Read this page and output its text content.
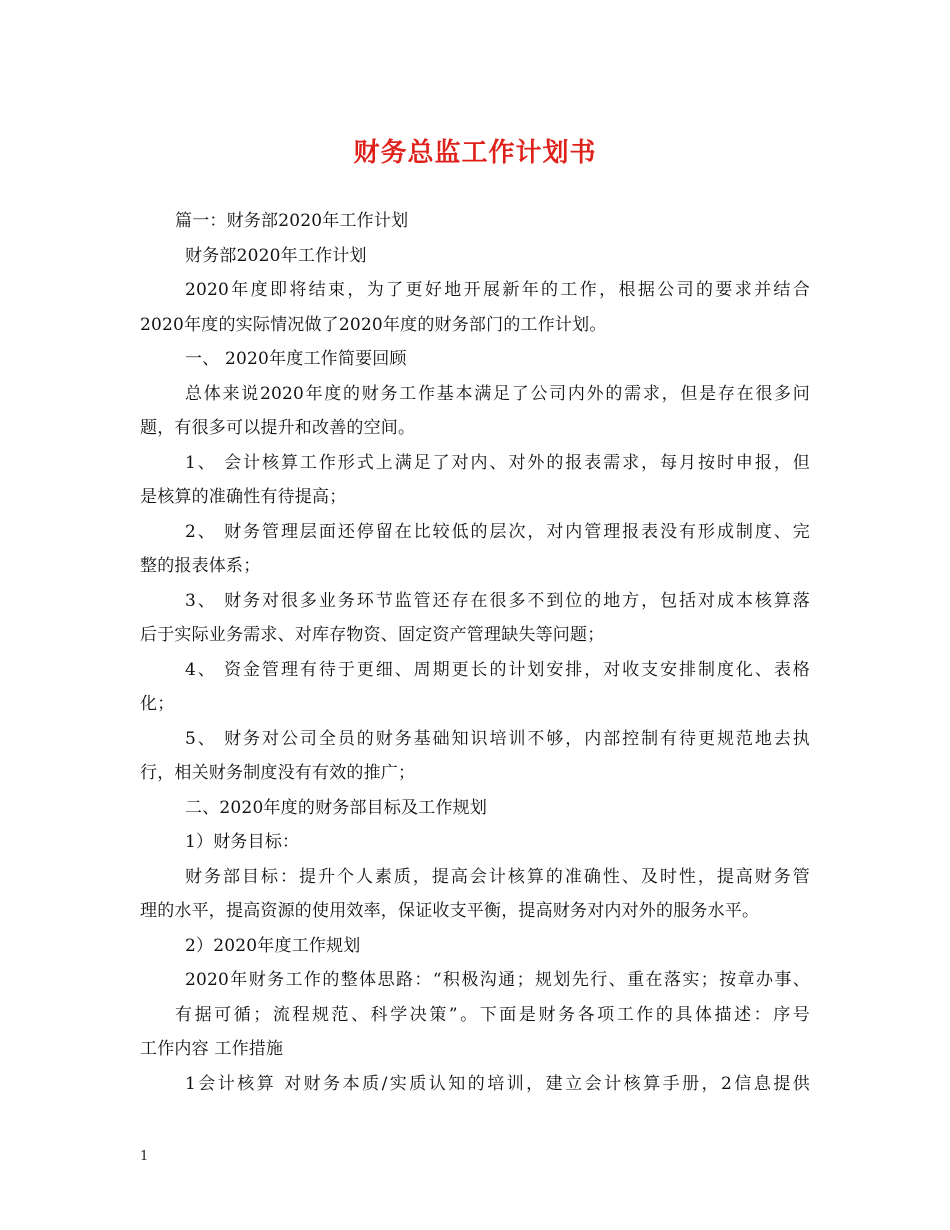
财务总监工作计划书
篇一：财务部2020年工作计划
财务部2020年工作计划
2020年度即将结束，为了更好地开展新年的工作，根据公司的要求并结合
2020年度的实际情况做了2020年度的财务部门的工作计划。
一、 2020年度工作简要回顾
总体来说2020年度的财务工作基本满足了公司内外的需求，但是存在很多问
题，有很多可以提升和改善的空间。
1、 会计核算工作形式上满足了对内、对外的报表需求，每月按时申报，但
是核算的准确性有待提高；
2、 财务管理层面还停留在比较低的层次，对内管理报表没有形成制度、完
整的报表体系；
3、 财务对很多业务环节监管还存在很多不到位的地方，包括对成本核算落
后于实际业务需求、对库存物资、固定资产管理缺失等问题；
4、 资金管理有待于更细、周期更长的计划安排，对收支安排制度化、表格
化；
5、 财务对公司全员的财务基础知识培训不够，内部控制有待更规范地去执
行，相关财务制度没有有效的推广；
二、2020年度的财务部目标及工作规划
1）财务目标：
财务部目标：提升个人素质，提高会计核算的准确性、及时性，提高财务管
理的水平，提高资源的使用效率，保证收支平衡，提高财务对内对外的服务水平。
2）2020年度工作规划
2020年财务工作的整体思路：“积极沟通；规划先行、重在落实；按章办事、
有据可循；流程规范、科学决策”。下面是财务各项工作的具体描述：序号
工作内容 工作措施
1会计核算 对财务本质/实质认知的培训，建立会计核算手册，2信息提供
1
